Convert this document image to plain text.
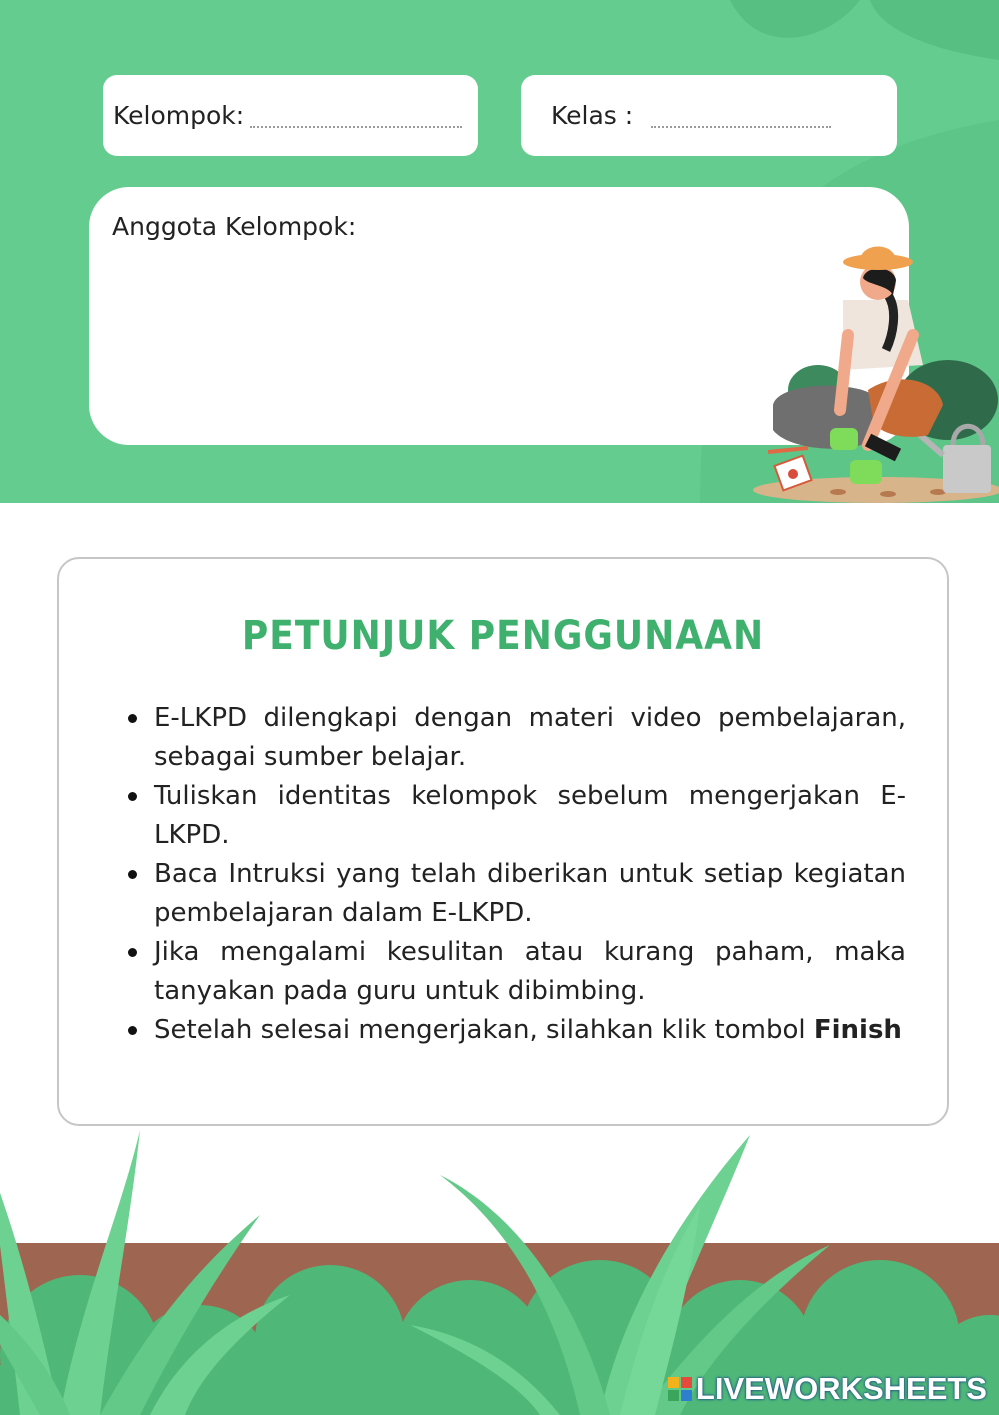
Kelompok:	Kelas :
Anggota Kelompok:
PETUNJUK PENGGUNAAN
E-LKPD dilengkapi dengan materi video pembelajaran, sebagai sumber belajar.
Tuliskan identitas kelompok sebelum mengerjakan E-LKPD.
Baca Intruksi yang telah diberikan untuk setiap kegiatan pembelajaran dalam E-LKPD.
Jika mengalami kesulitan atau kurang paham, maka tanyakan pada guru untuk dibimbing.
Setelah selesai mengerjakan, silahkan klik tombol Finish
LIVEWORKSHEETS
